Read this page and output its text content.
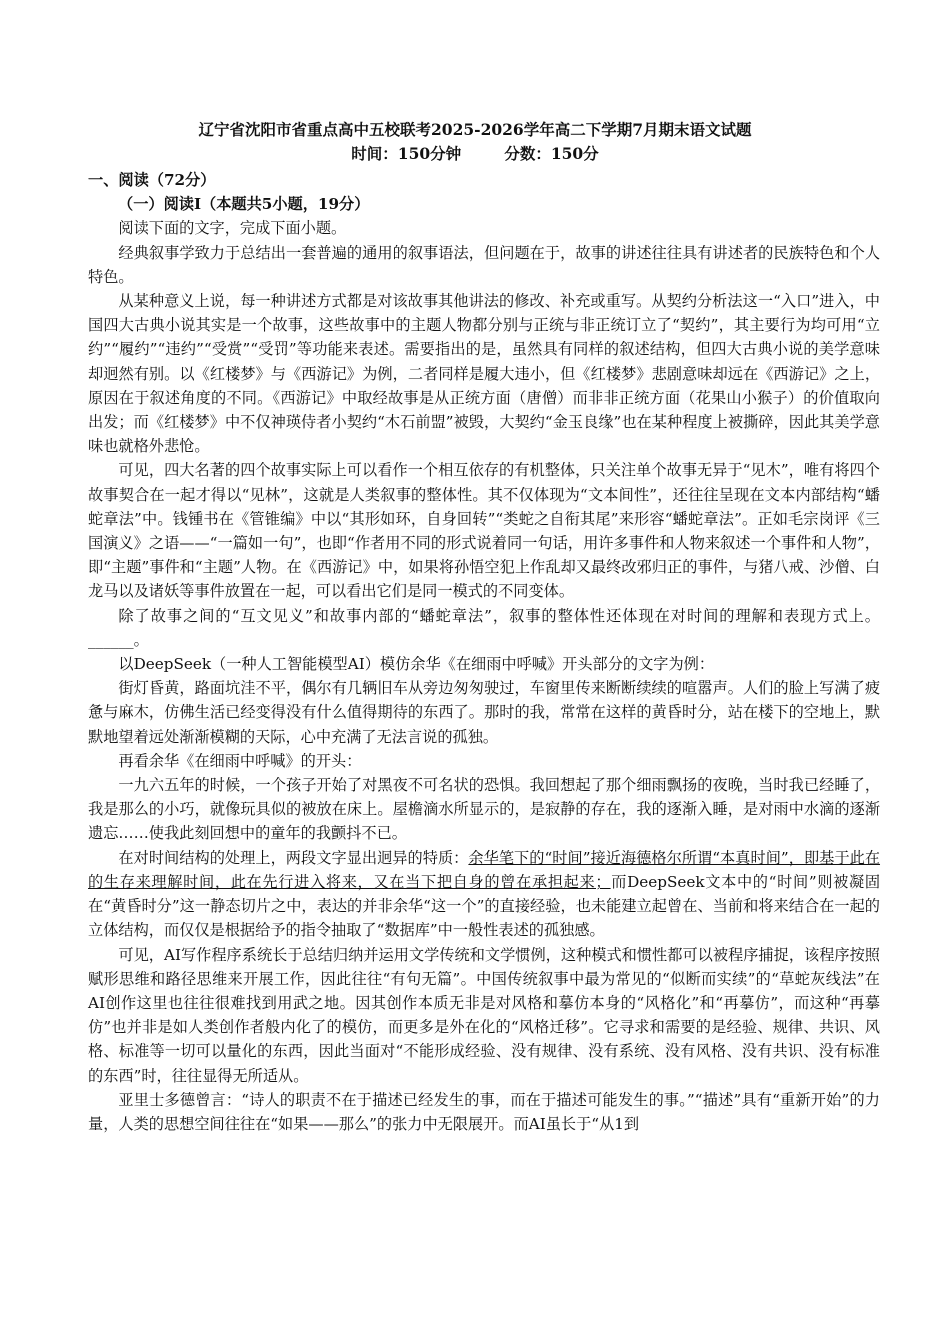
辽宁省沈阳市省重点高中五校联考2025-2026学年高二下学期7月期末语文试题
时间：150分钟        分数：150分

一、阅读（72分）

（一）阅读Ⅰ（本题共5小题，19分）

阅读下面的文字，完成下面小题。

经典叙事学致力于总结出一套普遍的通用的叙事语法，但问题在于，故事的讲述往往具有讲述者的民族特色和个人特色。

从某种意义上说，每一种讲述方式都是对该故事其他讲法的修改、补充或重写。从契约分析法这一“入口”进入，中国四大古典小说其实是一个故事，这些故事中的主题人物都分别与正统与非正统订立了“契约”，其主要行为均可用“立约”“履约”“违约”“受赏”“受罚”等功能来表述。需要指出的是，虽然具有同样的叙述结构，但四大古典小说的美学意味却迥然有别。以《红楼梦》与《西游记》为例，二者同样是履大违小，但《红楼梦》悲剧意味却远在《西游记》之上，原因在于叙述角度的不同。《西游记》中取经故事是从正统方面（唐僧）而非非正统方面（花果山小猴子）的价值取向出发；而《红楼梦》中不仅神瑛侍者小契约“木石前盟”被毁，大契约“金玉良缘”也在某种程度上被撕碎，因此其美学意味也就格外悲怆。

可见，四大名著的四个故事实际上可以看作一个相互依存的有机整体，只关注单个故事无异于“见木”，唯有将四个故事契合在一起才得以“见林”，这就是人类叙事的整体性。其不仅体现为“文本间性”，还往往呈现在文本内部结构“蟠蛇章法”中。钱锺书在《管锥编》中以“其形如环，自身回转”“类蛇之自衔其尾”来形容“蟠蛇章法”。正如毛宗岗评《三国演义》之语——“一篇如一句”，也即“作者用不同的形式说着同一句话，用许多事件和人物来叙述一个事件和人物”，即“主题”事件和“主题”人物。在《西游记》中，如果将孙悟空犯上作乱却又最终改邪归正的事件，与猪八戒、沙僧、白龙马以及诸妖等事件放置在一起，可以看出它们是同一模式的不同变体。

除了故事之间的“互文见义”和故事内部的“蟠蛇章法”，叙事的整体性还体现在对时间的理解和表现方式上。______。

以DeepSeek（一种人工智能模型AI）模仿余华《在细雨中呼喊》开头部分的文字为例：

街灯昏黄，路面坑洼不平，偶尔有几辆旧车从旁边匆匆驶过，车窗里传来断断续续的喧嚣声。人们的脸上写满了疲惫与麻木，仿佛生活已经变得没有什么值得期待的东西了。那时的我，常常在这样的黄昏时分，站在楼下的空地上，默默地望着远处渐渐模糊的天际，心中充满了无法言说的孤独。

再看余华《在细雨中呼喊》的开头：

一九六五年的时候，一个孩子开始了对黑夜不可名状的恐惧。我回想起了那个细雨飘扬的夜晚，当时我已经睡了，我是那么的小巧，就像玩具似的被放在床上。屋檐滴水所显示的，是寂静的存在，我的逐渐入睡，是对雨中水滴的逐渐遗忘……使我此刻回想中的童年的我颤抖不已。

在对时间结构的处理上，两段文字显出迥异的特质：余华笔下的“时间”接近海德格尔所谓“本真时间”，即基于此在的生存来理解时间，此在先行进入将来，又在当下把自身的曾在承担起来；而DeepSeek文本中的“时间”则被凝固在“黄昏时分”这一静态切片之中，表达的并非余华“这一个”的直接经验，也未能建立起曾在、当前和将来结合在一起的立体结构，而仅仅是根据给予的指令抽取了“数据库”中一般性表述的孤独感。

可见，AI写作程序系统长于总结归纳并运用文学传统和文学惯例，这种模式和惯性都可以被程序捕捉，该程序按照赋形思维和路径思维来开展工作，因此往往“有句无篇”。中国传统叙事中最为常见的“似断而实续”的“草蛇灰线法”在AI创作这里也往往很难找到用武之地。因其创作本质无非是对风格和摹仿本身的“风格化”和“再摹仿”，而这种“再摹仿”也并非是如人类创作者般内化了的模仿，而更多是外在化的“风格迁移”。它寻求和需要的是经验、规律、共识、风格、标准等一切可以量化的东西，因此当面对“不能形成经验、没有规律、没有系统、没有风格、没有共识、没有标准的东西”时，往往显得无所适从。

亚里士多德曾言：“诗人的职责不在于描述已经发生的事，而在于描述可能发生的事。”“描述”具有“重新开始”的力量，人类的思想空间往往在“如果——那么”的张力中无限展开。而AI虽长于“从1到
